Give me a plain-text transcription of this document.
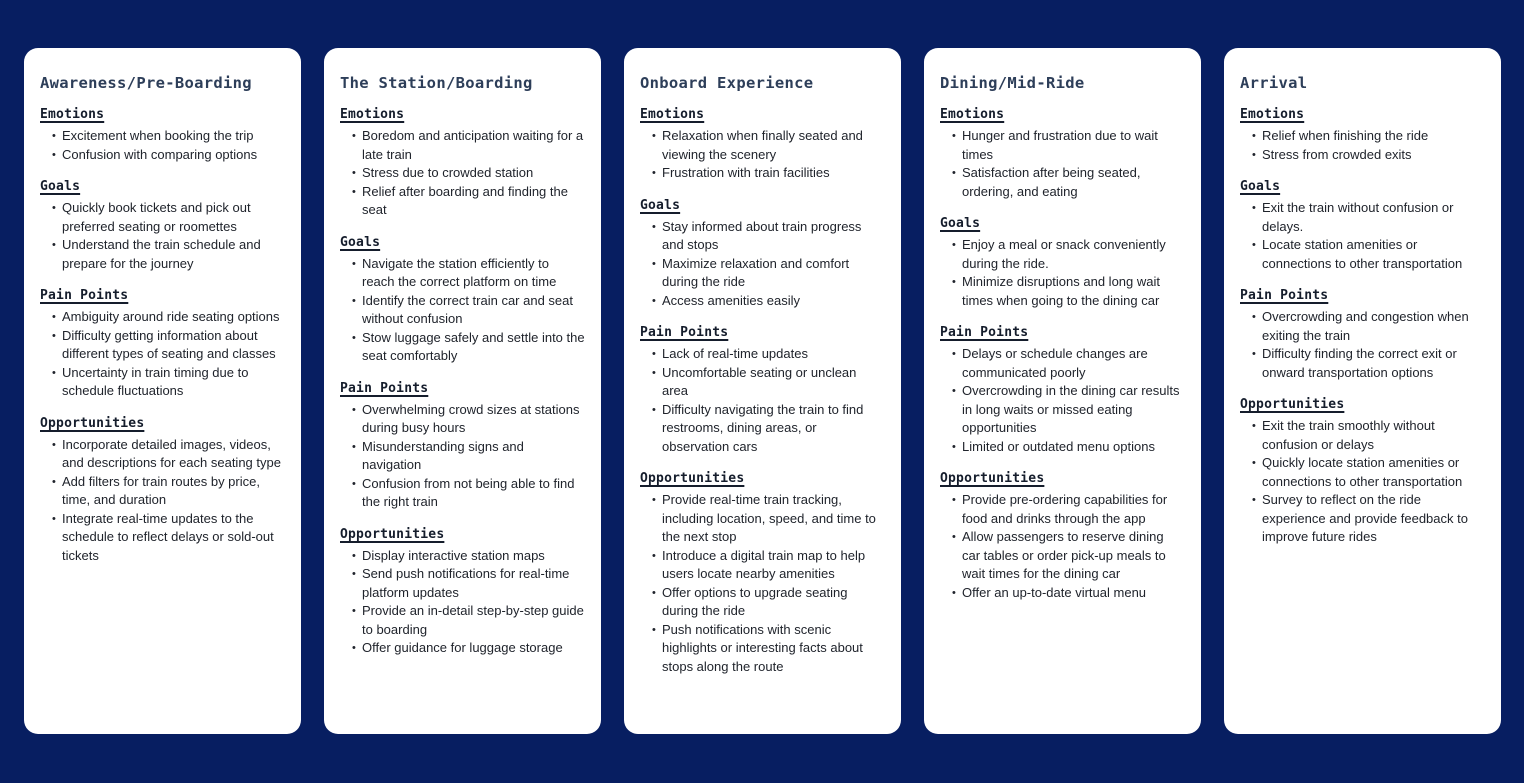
Awareness/Pre-Boarding
Emotions
• Excitement when booking the trip
• Confusion with comparing options
Goals
• Quickly book tickets and pick out preferred seating or roomettes
• Understand the train schedule and prepare for the journey
Pain Points
• Ambiguity around ride seating options
• Difficulty getting information about different types of seating and classes
• Uncertainty in train timing due to schedule fluctuations
Opportunities
• Incorporate detailed images, videos, and descriptions for each seating type
• Add filters for train routes by price, time, and duration
• Integrate real-time updates to the schedule to reflect delays or sold-out tickets
The Station/Boarding
Emotions
• Boredom and anticipation waiting for a late train
• Stress due to crowded station
• Relief after boarding and finding the seat
Goals
• Navigate the station efficiently to reach the correct platform on time
• Identify the correct train car and seat without confusion
• Stow luggage safely and settle into the seat comfortably
Pain Points
• Overwhelming crowd sizes at stations during busy hours
• Misunderstanding signs and navigation
• Confusion from not being able to find the right train
Opportunities
• Display interactive station maps
• Send push notifications for real-time platform updates
• Provide an in-detail step-by-step guide to boarding
• Offer guidance for luggage storage
Onboard Experience
Emotions
• Relaxation when finally seated and viewing the scenery
• Frustration with train facilities
Goals
• Stay informed about train progress and stops
• Maximize relaxation and comfort during the ride
• Access amenities easily
Pain Points
• Lack of real-time updates
• Uncomfortable seating or unclean area
• Difficulty navigating the train to find restrooms, dining areas, or observation cars
Opportunities
• Provide real-time train tracking, including location, speed, and time to the next stop
• Introduce a digital train map to help users locate nearby amenities
• Offer options to upgrade seating during the ride
• Push notifications with scenic highlights or interesting facts about stops along the route
Dining/Mid-Ride
Emotions
• Hunger and frustration due to wait times
• Satisfaction after being seated, ordering, and eating
Goals
• Enjoy a meal or snack conveniently during the ride.
• Minimize disruptions and long wait times when going to the dining car
Pain Points
• Delays or schedule changes are communicated poorly
• Overcrowding in the dining car results in long waits or missed eating opportunities
• Limited or outdated menu options
Opportunities
• Provide pre-ordering capabilities for food and drinks through the app
• Allow passengers to reserve dining car tables or order pick-up meals to wait times for the dining car
• Offer an up-to-date virtual menu
Arrival
Emotions
• Relief when finishing the ride
• Stress from crowded exits
Goals
• Exit the train without confusion or delays.
• Locate station amenities or connections to other transportation
Pain Points
• Overcrowding and congestion when exiting the train
• Difficulty finding the correct exit or onward transportation options
Opportunities
• Exit the train smoothly without confusion or delays
• Quickly locate station amenities or connections to other transportation
• Survey to reflect on the ride experience and provide feedback to improve future rides
